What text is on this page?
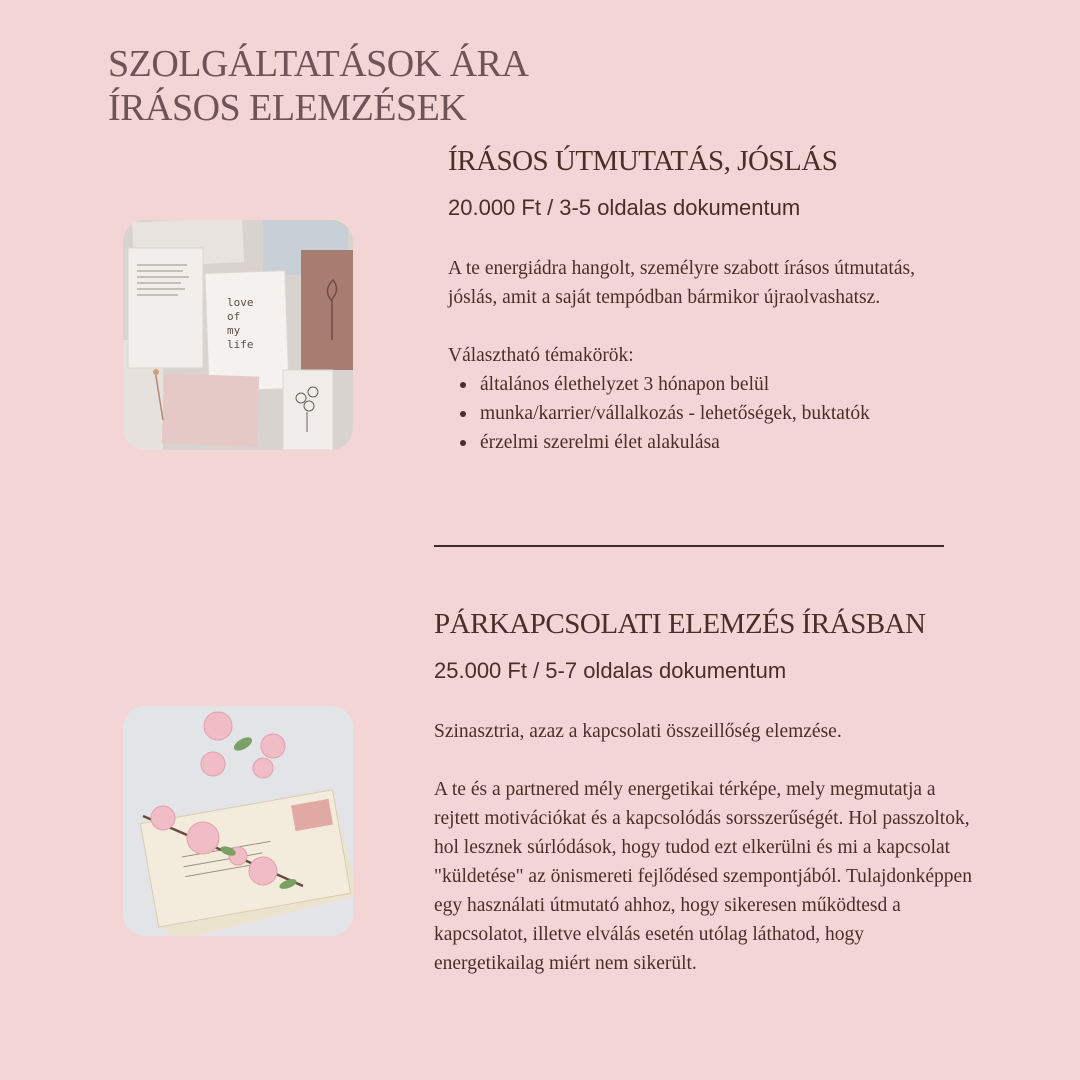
SZOLGÁLTATÁSOK ÁRA
ÍRÁSOS ELEMZÉSEK
ÍRÁSOS ÚTMUTATÁS, JÓSLÁS
20.000 Ft / 3-5 oldalas dokumentum

A te energiádra hangolt, személyre szabott írásos útmutatás, jóslás, amit a saját tempódban bármikor újraolvashatsz.

Választható témakörök:

általános élethelyzet 3 hónapon belül
munka/karrier/vállalkozás - lehetőségek, buktatók
érzelmi szerelmi élet alakulása
love
of
my
life
PÁRKAPCSOLATI ELEMZÉS ÍRÁSBAN
25.000 Ft / 5-7 oldalas dokumentum

Szinasztria, azaz a kapcsolati összeillőség elemzése.

A te és a partnered mély energetikai térképe, mely megmutatja a rejtett motivációkat és a kapcsolódás sorsszerűségét. Hol passzoltok, hol lesznek súrlódások, hogy tudod ezt elkerülni és mi a kapcsolat "küldetése" az önismereti fejlődésed szempontjából. Tulajdonképpen egy használati útmutató ahhoz, hogy sikeresen működtesd a kapcsolatot, illetve elválás esetén utólag láthatod, hogy energetikailag miért nem sikerült.
